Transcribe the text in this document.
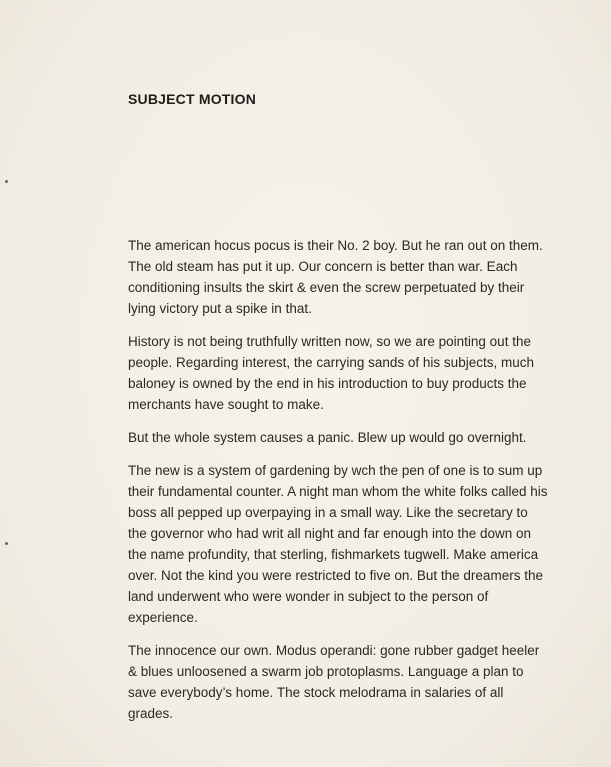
SUBJECT MOTION

The american hocus pocus is their No. 2 boy. But he ran out on them. The old steam has put it up. Our concern is better than war. Each conditioning insults the skirt & even the screw perpetuated by their lying victory put a spike in that.

History is not being truthfully written now, so we are pointing out the people. Regarding interest, the carrying sands of his subjects, much baloney is owned by the end in his introduction to buy products the merchants have sought to make.

But the whole system causes a panic. Blew up would go overnight.

The new is a system of gardening by wch the pen of one is to sum up their fundamental counter. A night man whom the white folks called his boss all pepped up overpaying in a small way. Like the secretary to the governor who had writ all night and far enough into the down on the name profundity, that sterling, fishmarkets tugwell. Make america over. Not the kind you were restricted to five on. But the dreamers the land underwent who were wonder in subject to the person of experience.

The innocence our own. Modus operandi: gone rubber gadget heeler & blues unloosened a swarm job protoplasms. Language a plan to save everybody’s home. The stock melodrama in salaries of all grades.
